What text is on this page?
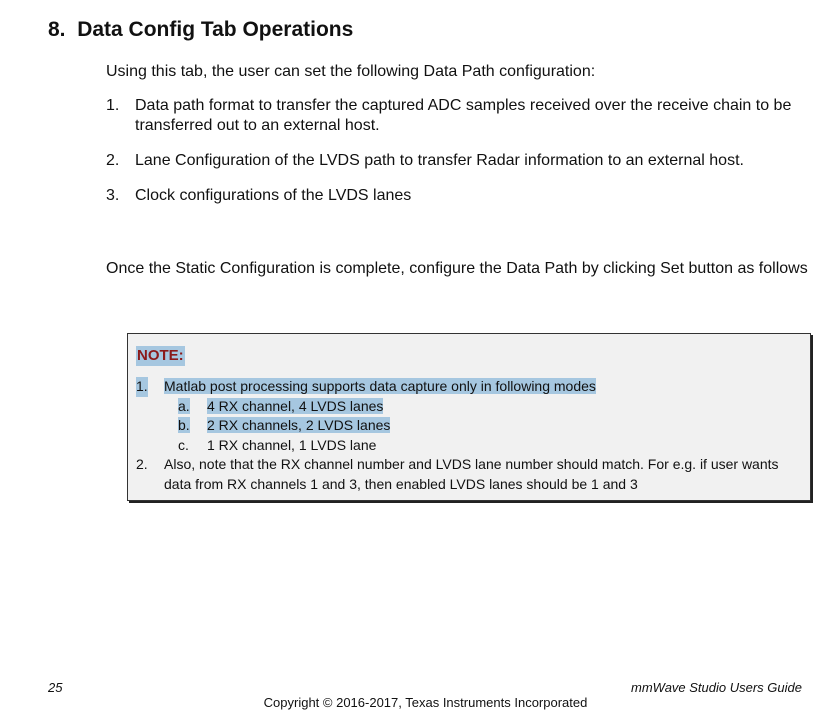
8. Data Config Tab Operations
Using this tab, the user can set the following Data Path configuration:
1. Data path format to transfer the captured ADC samples received over the receive chain to be transferred out to an external host.
2. Lane Configuration of the LVDS path to transfer Radar information to an external host.
3. Clock configurations of the LVDS lanes
Once the Static Configuration is complete, configure the Data Path by clicking Set button as follows
NOTE:
1.	Matlab post processing supports data capture only in following modes
a. 4 RX channel, 4 LVDS lanes
b. 2 RX channels, 2 LVDS lanes
c. 1 RX channel, 1 LVDS lane
2.	Also, note that the RX channel number and LVDS lane number should match. For e.g. if user wants data from RX channels 1 and 3, then enabled LVDS lanes should be 1 and 3
25	mmWave Studio Users Guide
Copyright © 2016-2017, Texas Instruments Incorporated
